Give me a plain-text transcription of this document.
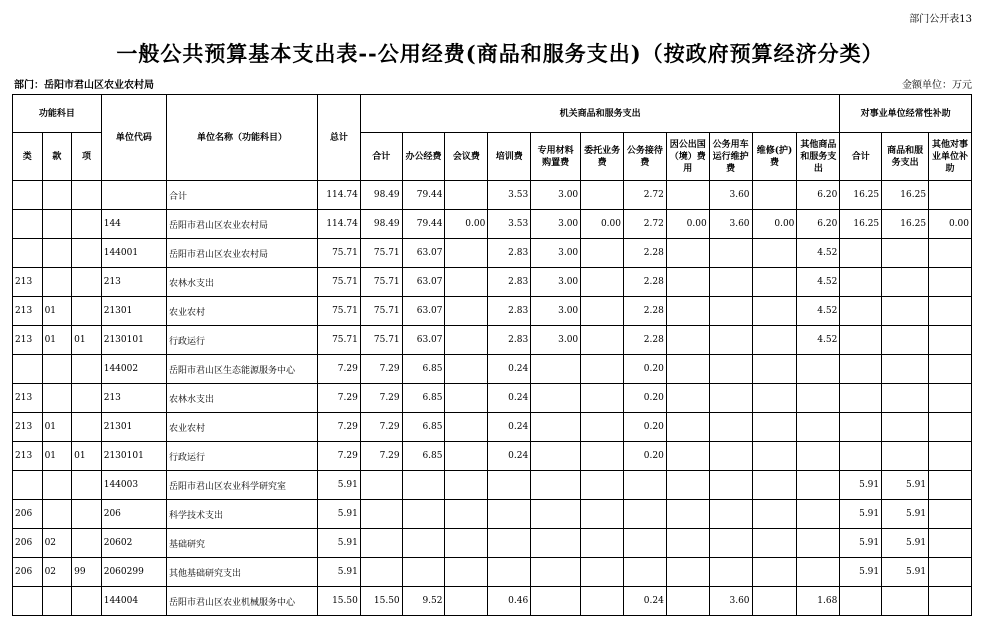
部门公开表13
一般公共预算基本支出表--公用经费(商品和服务支出)（按政府预算经济分类）
部门：岳阳市君山区农业农村局	金额单位：万元
功能科目			单位代码	单位名称（功能科目）	总计	机关商品和服务支出											对事业单位经常性补助		
类	款	项				合计	办公经费	会议费	培训费	专用材料购置费	委托业务费	公务接待费	因公出国（境）费用	公务用车运行维护费	维修(护)费	其他商品和服务支出	合计	商品和服务支出	其他对事业单位补助
				合计	114.74	98.49	79.44		3.53	3.00		2.72		3.60		6.20	16.25	16.25	
			144	岳阳市君山区农业农村局	114.74	98.49	79.44	0.00	3.53	3.00	0.00	2.72	0.00	3.60	0.00	6.20	16.25	16.25	0.00
			144001	岳阳市君山区农业农村局	75.71	75.71	63.07		2.83	3.00		2.28				4.52			
213			213	农林水支出	75.71	75.71	63.07		2.83	3.00		2.28				4.52			
213	01		21301	农业农村	75.71	75.71	63.07		2.83	3.00		2.28				4.52			
213	01	01	2130101	行政运行	75.71	75.71	63.07		2.83	3.00		2.28				4.52			
			144002	岳阳市君山区生态能源服务中心	7.29	7.29	6.85		0.24			0.20							
213			213	农林水支出	7.29	7.29	6.85		0.24			0.20							
213	01		21301	农业农村	7.29	7.29	6.85		0.24			0.20							
213	01	01	2130101	行政运行	7.29	7.29	6.85		0.24			0.20							
			144003	岳阳市君山区农业科学研究室	5.91												5.91	5.91	
206			206	科学技术支出	5.91												5.91	5.91	
206	02		20602	基础研究	5.91												5.91	5.91	
206	02	99	2060299	其他基础研究支出	5.91												5.91	5.91	
			144004	岳阳市君山区农业机械服务中心	15.50	15.50	9.52		0.46			0.24		3.60		1.68			
